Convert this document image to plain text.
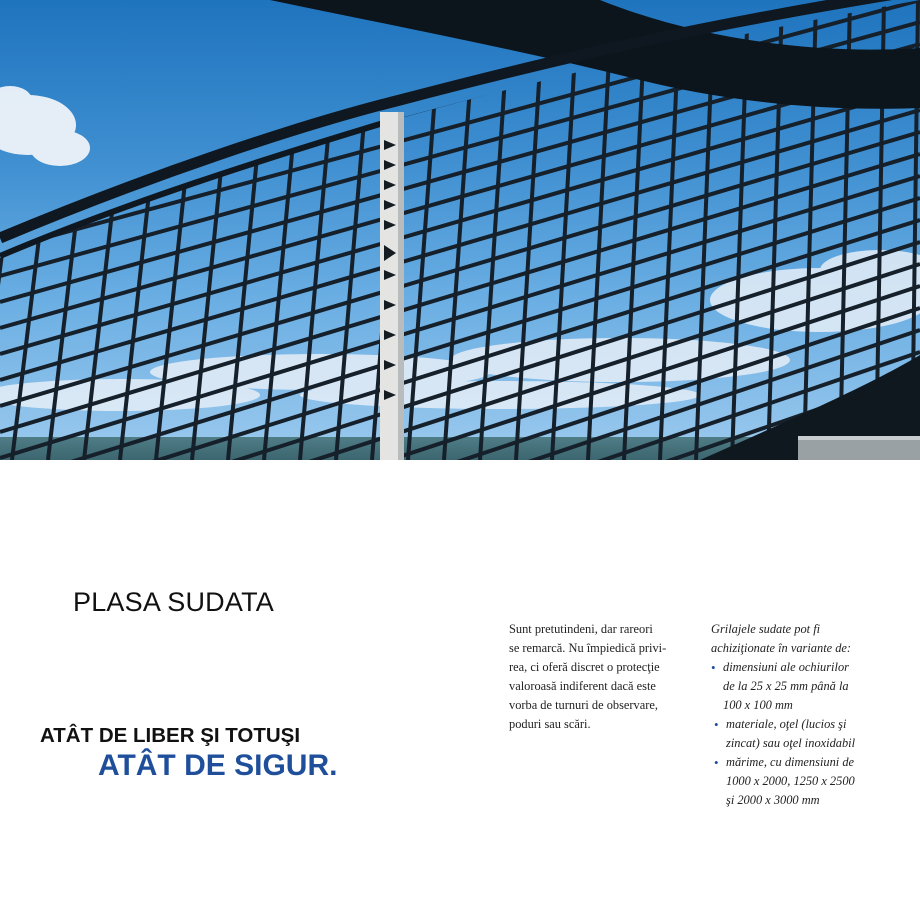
PLASA SUDATA
ATÂT DE LIBER ŞI TOTUŞI
ATÂT DE SIGUR.
Sunt pretutindeni, dar rareori
se remarcă. Nu împiedică privi-
rea, ci oferă discret o protecţie
valoroasă indiferent dacă este
vorba de turnuri de observare,
poduri sau scări.
Grilajele sudate pot fi
achiziţionate în variante de:
• dimensiuni ale ochiurilor
de la 25 x 25 mm până la
100 x 100 mm
• materiale, oţel (lucios şi
zincat) sau oţel inoxidabil
• mărime, cu dimensiuni de
1000 x 2000, 1250 x 2500
şi 2000 x 3000 mm
